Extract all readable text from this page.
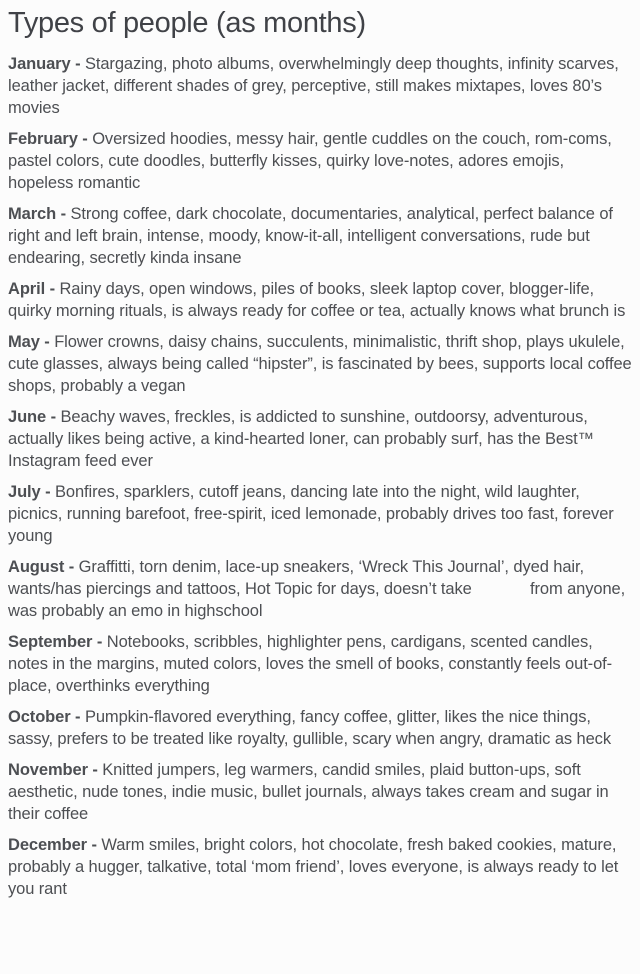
Types of people (as months)

January - Stargazing, photo albums, overwhelmingly deep thoughts, infinity scarves, leather jacket, different shades of grey, perceptive, still makes mixtapes, loves 80’s movies

February - Oversized hoodies, messy hair, gentle cuddles on the couch, rom-coms, pastel colors, cute doodles, butterfly kisses, quirky love-notes, adores emojis, hopeless romantic

March - Strong coffee, dark chocolate, documentaries, analytical, perfect balance of right and left brain, intense, moody, know-it-all, intelligent conversations, rude but endearing, secretly kinda insane

April - Rainy days, open windows, piles of books, sleek laptop cover, blogger-life, quirky morning rituals, is always ready for coffee or tea, actually knows what brunch is

May - Flower crowns, daisy chains, succulents, minimalistic, thrift shop, plays ukulele, cute glasses, always being called “hipster”, is fascinated by bees, supports local coffee shops, probably a vegan

June - Beachy waves, freckles, is addicted to sunshine, outdoorsy, adventurous, actually likes being active, a kind-hearted loner, can probably surf, has the Best™ Instagram feed ever

July - Bonfires, sparklers, cutoff jeans, dancing late into the night, wild laughter, picnics, running barefoot, free-spirit, iced lemonade, probably drives too fast, forever young

August - Graffitti, torn denim, lace-up sneakers, ‘Wreck This Journal’, dyed hair, wants/has piercings and tattoos, Hot Topic for days, doesn’t take             from anyone, was probably an emo in highschool

September - Notebooks, scribbles, highlighter pens, cardigans, scented candles, notes in the margins, muted colors, loves the smell of books, constantly feels out-of-place, overthinks everything

October - Pumpkin-flavored everything, fancy coffee, glitter, likes the nice things, sassy, prefers to be treated like royalty, gullible, scary when angry, dramatic as heck

November - Knitted jumpers, leg warmers, candid smiles, plaid button-ups, soft aesthetic, nude tones, indie music, bullet journals, always takes cream and sugar in their coffee

December - Warm smiles, bright colors, hot chocolate, fresh baked cookies, mature, probably a hugger, talkative, total ‘mom friend’, loves everyone, is always ready to let you rant
